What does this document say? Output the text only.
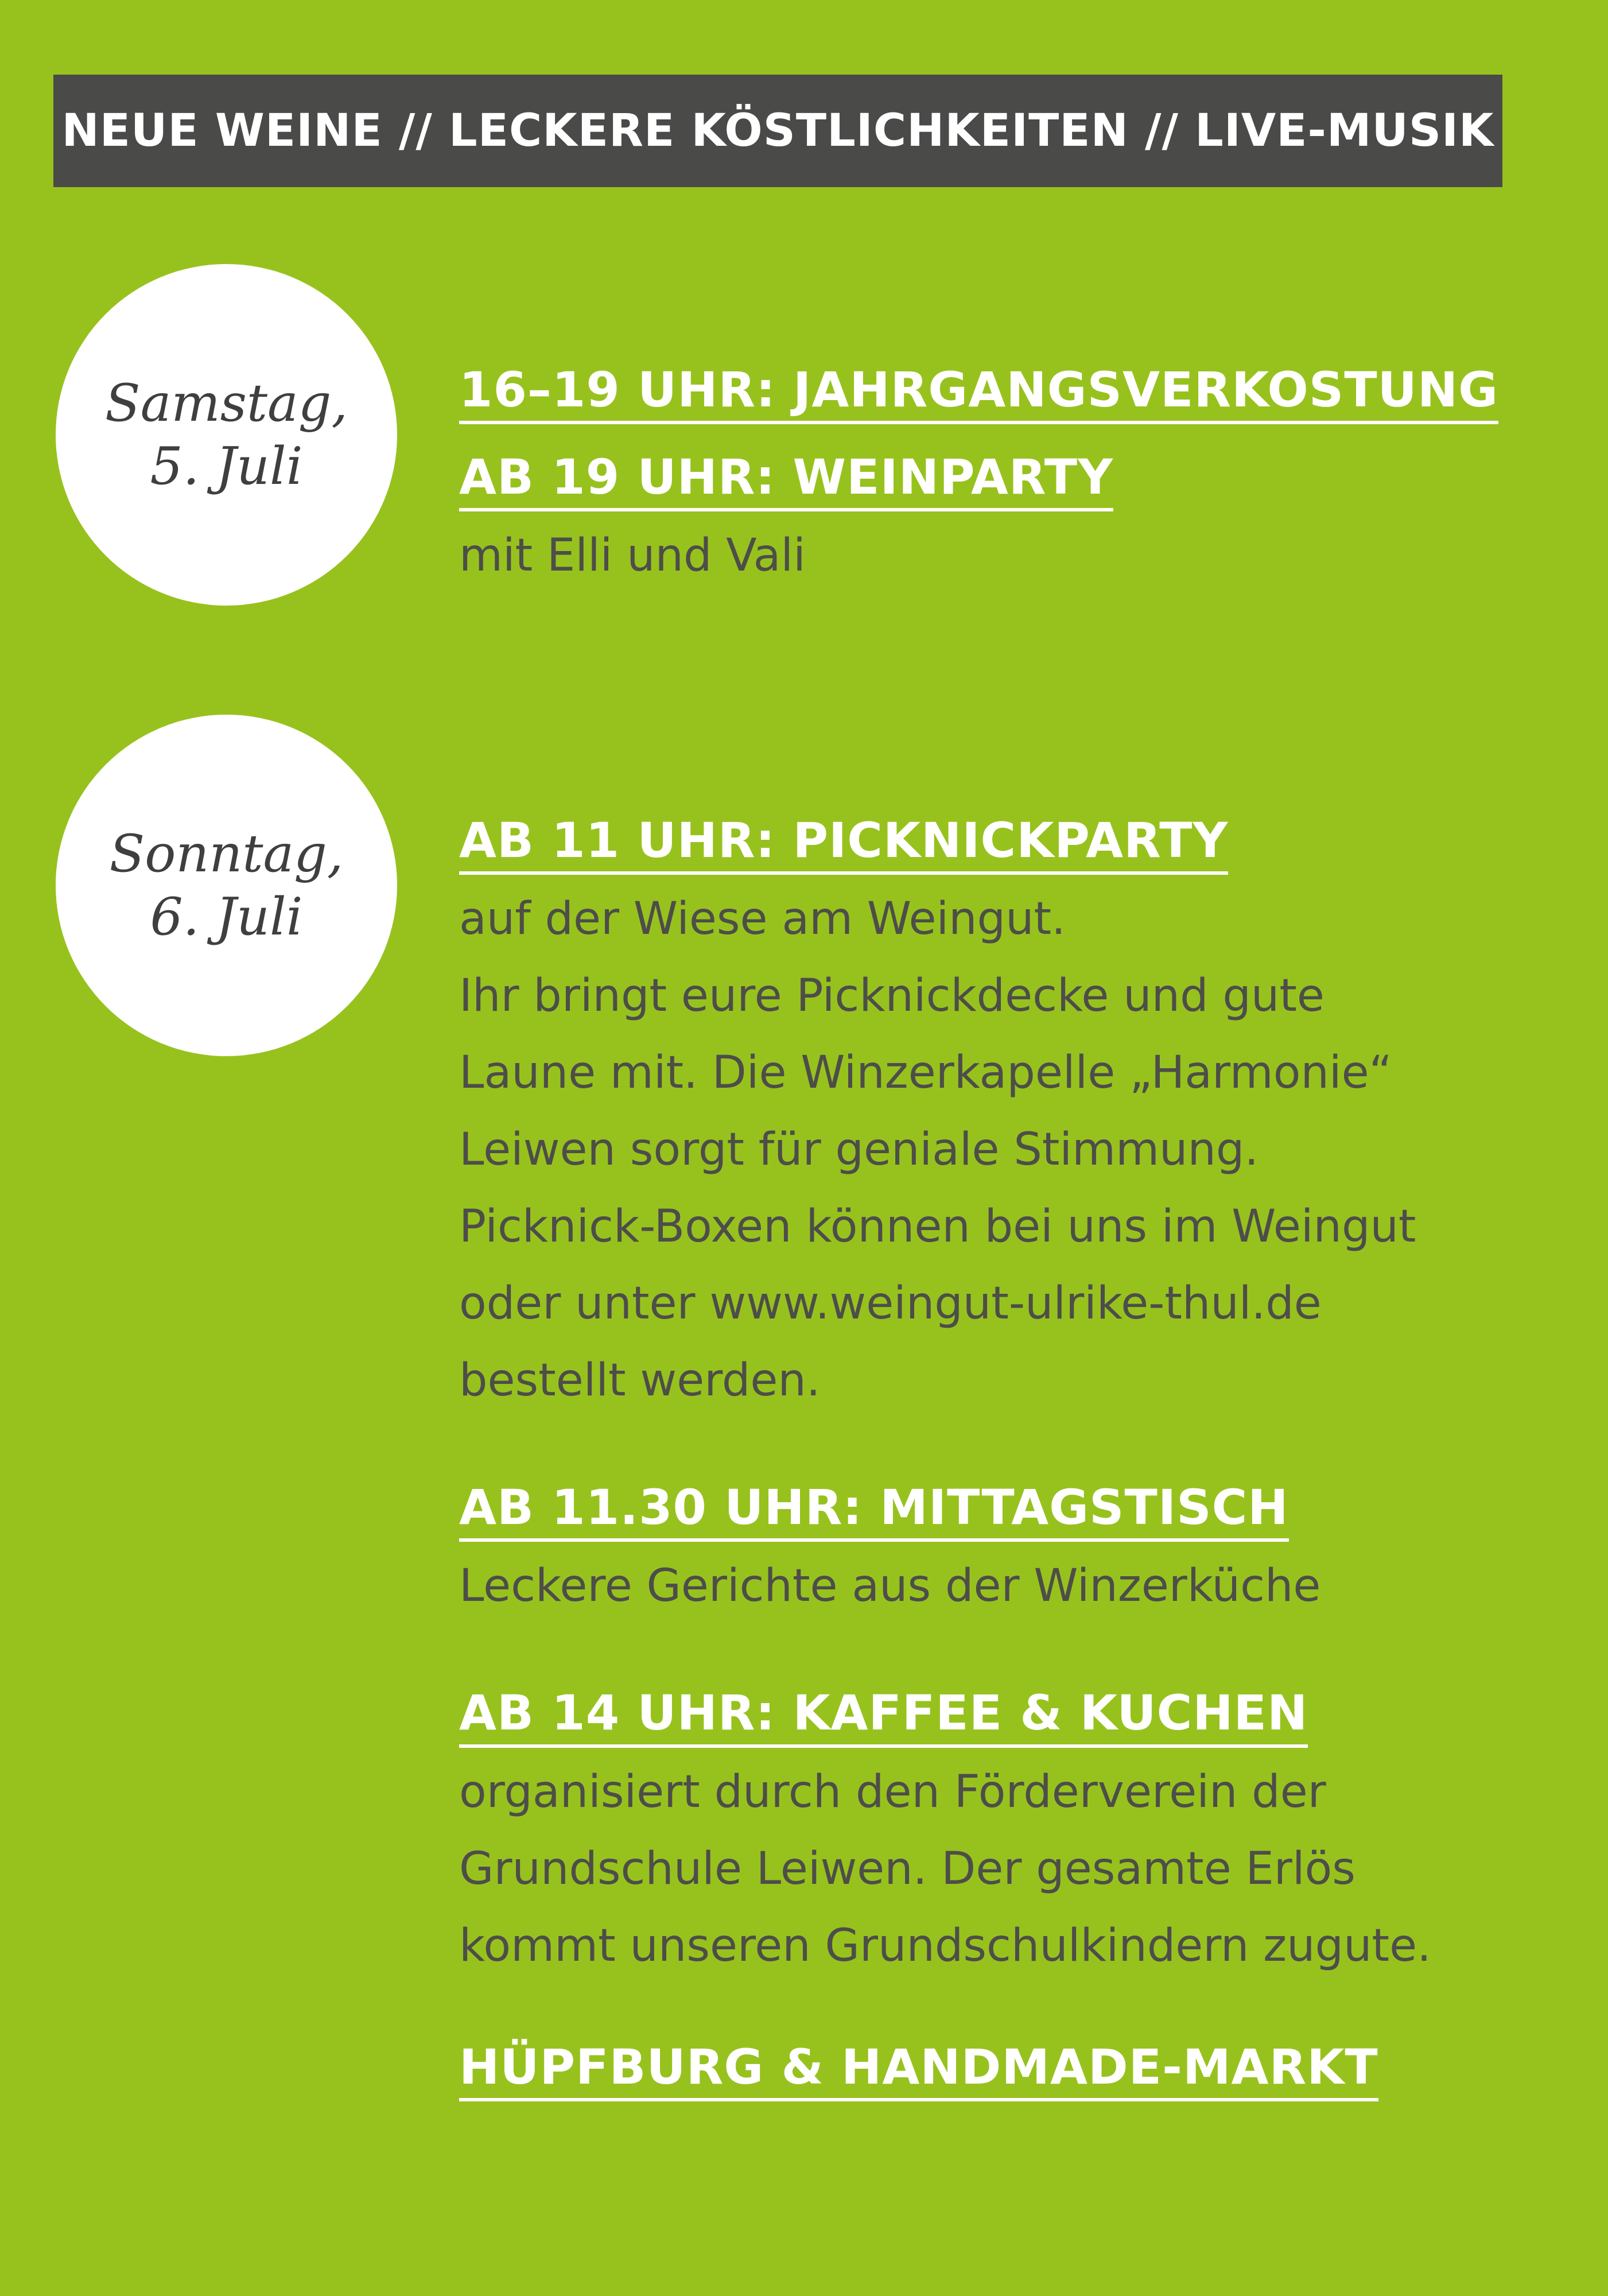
NEUE WEINE // LECKERE KÖSTLICHKEITEN // LIVE-MUSIK
Samstag,
5. Juli
16–19 UHR: JAHRGANGSVERKOSTUNG
AB 19 UHR: WEINPARTY
mit Elli und Vali
Sonntag,
6. Juli
AB 11 UHR: PICKNICKPARTY
auf der Wiese am Weingut.
Ihr bringt eure Picknickdecke und gute
Laune mit. Die Winzerkapelle „Harmonie“
Leiwen sorgt für geniale Stimmung.
Picknick-Boxen können bei uns im Weingut
oder unter www.weingut-ulrike-thul.de
bestellt werden.
AB 11.30 UHR: MITTAGSTISCH
Leckere Gerichte aus der Winzerküche
AB 14 UHR: KAFFEE & KUCHEN
organisiert durch den Förderverein der
Grundschule Leiwen. Der gesamte Erlös
kommt unseren Grundschulkindern zugute.
HÜPFBURG & HANDMADE-MARKT
